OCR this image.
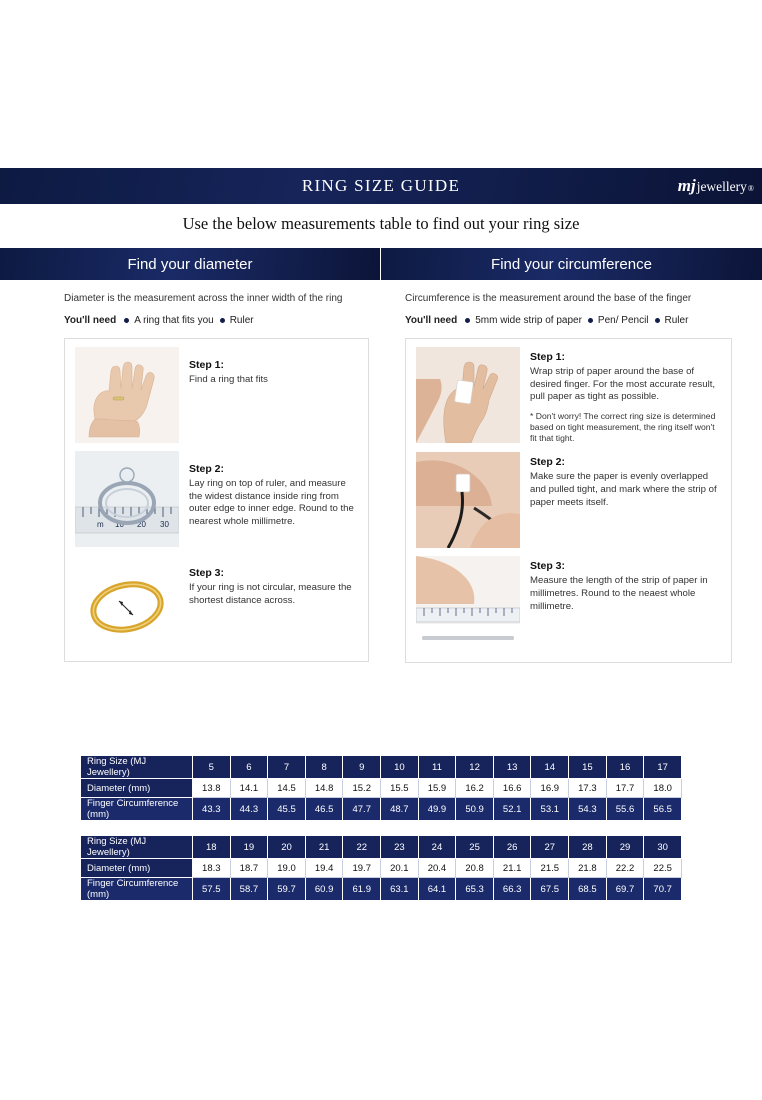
RING SIZE GUIDE	mj jewellery ®
Use the below measurements table to find out your ring size
Find your diameter	Find your circumference
Diameter is the measurement across the inner width of the ring
You'll need A ring that fits you Ruler
Step 1:
Find a ring that fits
m 10 20 30
Step 2:
Lay ring on top of ruler, and measure the widest distance inside ring from outer edge to inner edge. Round to the nearest whole millimetre.
Step 3:
If your ring is not circular, measure the shortest distance across.
Circumference is the measurement around the base of the finger
You'll need 5mm wide strip of paper Pen/ Pencil Ruler
Step 1:
Wrap strip of paper around the base of desired finger. For the most accurate result, pull paper as tight as possible.
* Don't worry! The correct ring size is determined based on tight measurement, the ring itself won't fit that tight.
Step 2:
Make sure the paper is evenly overlapped and pulled tight, and mark where the strip of paper meets itself.
Step 3:
Measure the length of the strip of paper in millimetres. Round to the neaest whole millimetre.
Ring Size (MJ Jewellery)	5	6	7	8	9	10	11	12	13	14	15	16	17
Diameter (mm)	13.8	14.1	14.5	14.8	15.2	15.5	15.9	16.2	16.6	16.9	17.3	17.7	18.0
Finger Circumference (mm)	43.3	44.3	45.5	46.5	47.7	48.7	49.9	50.9	52.1	53.1	54.3	55.6	56.5
Ring Size (MJ Jewellery)	18	19	20	21	22	23	24	25	26	27	28	29	30
Diameter (mm)	18.3	18.7	19.0	19.4	19.7	20.1	20.4	20.8	21.1	21.5	21.8	22.2	22.5
Finger Circumference (mm)	57.5	58.7	59.7	60.9	61.9	63.1	64.1	65.3	66.3	67.5	68.5	69.7	70.7
